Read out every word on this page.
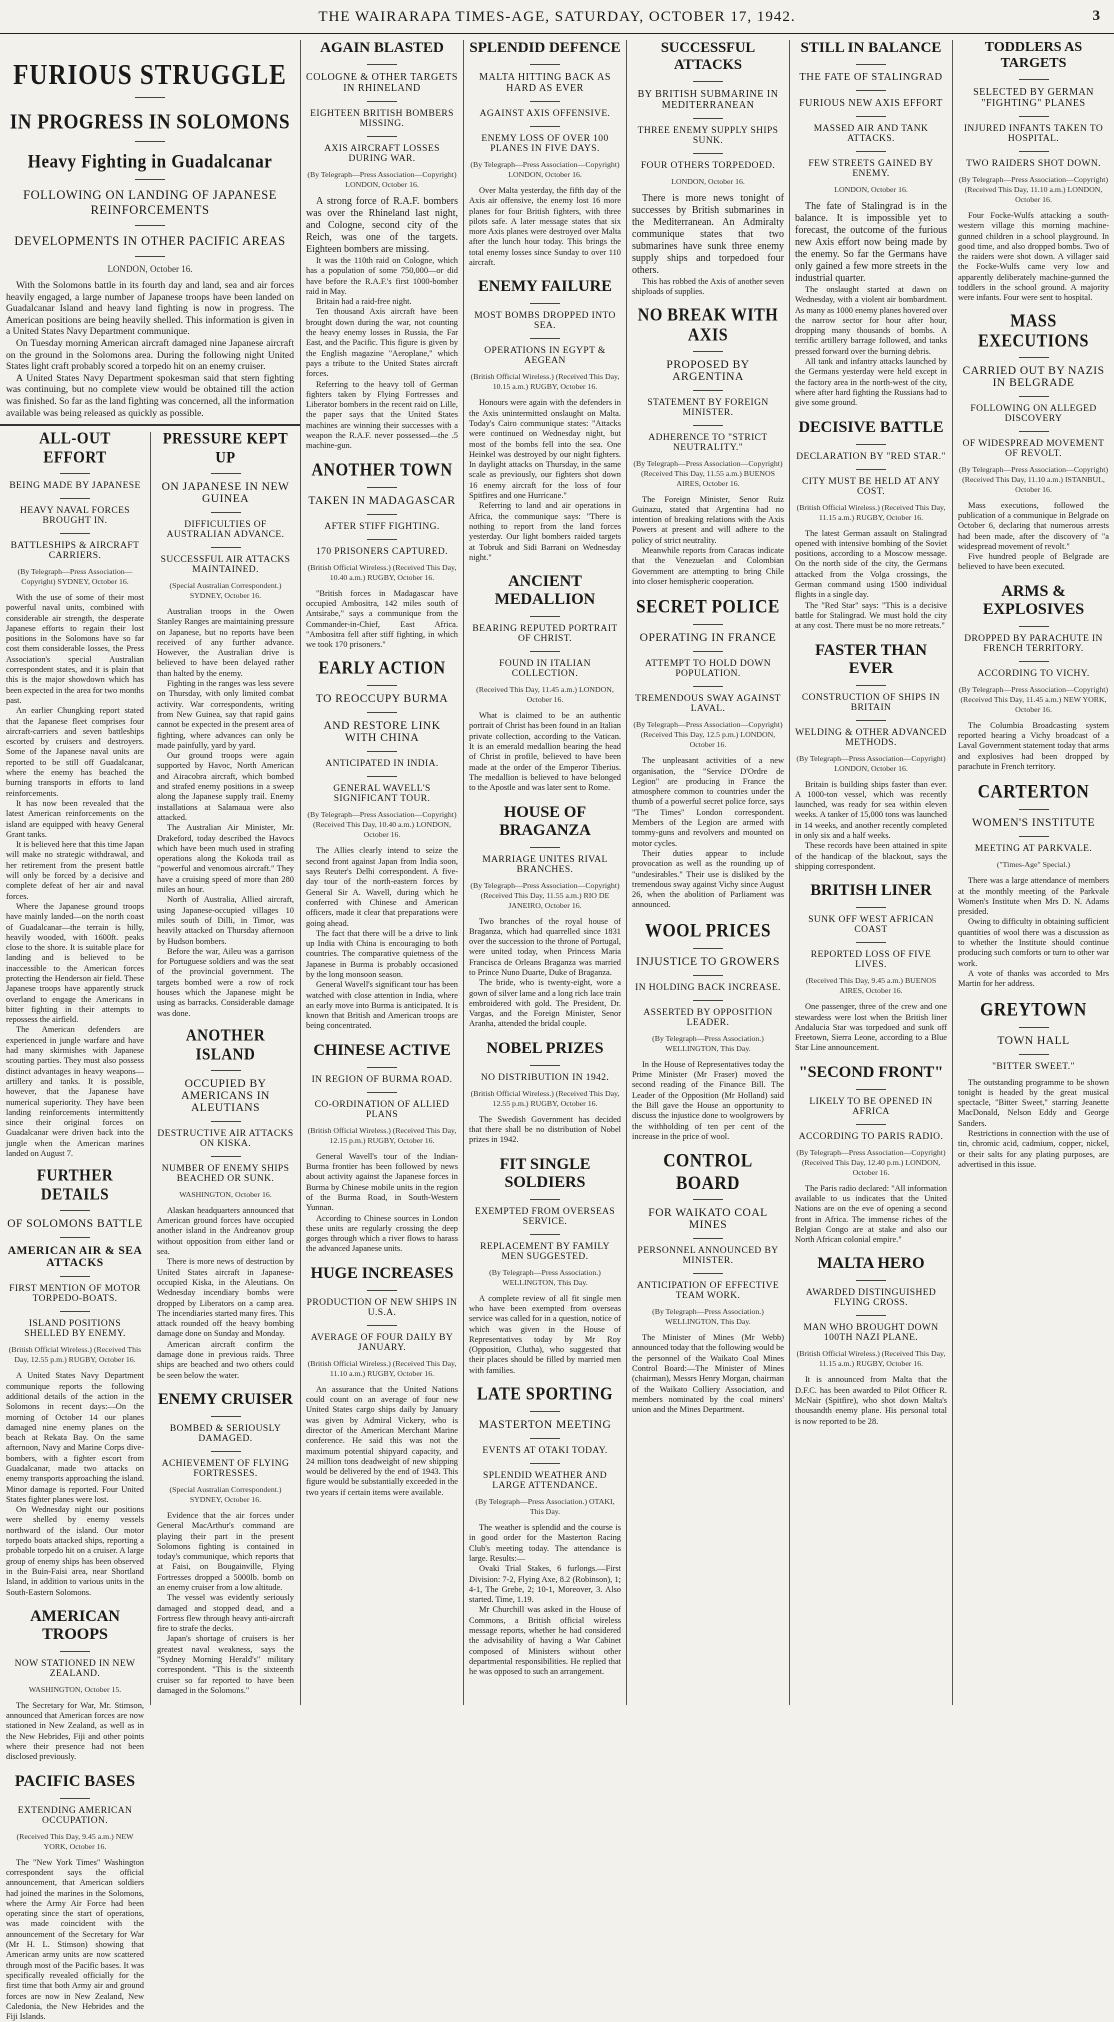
THE WAIRARAPA TIMES-AGE, SATURDAY, OCTOBER 17, 1942.	3
FURIOUS STRUGGLE
IN PROGRESS IN SOLOMONS
Heavy Fighting in Guadalcanar
FOLLOWING ON LANDING OF JAPANESE REINFORCEMENTS
DEVELOPMENTS IN OTHER PACIFIC AREAS
LONDON, October 16.

With the Solomons battle in its fourth day and land, sea and air forces heavily engaged, a large number of Japanese troops have been landed on Guadalcanar Island and heavy land fighting is now in progress. The American positions are being heavily shelled. This information is given in a United States Navy Department communique.

On Tuesday morning American aircraft damaged nine Japanese aircraft on the ground in the Solomons area. During the following night United States light craft probably scored a torpedo hit on an enemy cruiser.

A United States Navy Department spokesman said that stern fighting was continuing, but no complete view would be obtained till the action was finished. So far as the land fighting was concerned, all the information available was being released as quickly as possible.

ALL-OUT EFFORT
BEING MADE BY JAPANESE
HEAVY NAVAL FORCES BROUGHT IN.
BATTLESHIPS & AIRCRAFT CARRIERS.
(By Telegraph—Press Association—Copyright) SYDNEY, October 16.

With the use of some of their most powerful naval units, combined with considerable air strength, the desperate Japanese efforts to regain their lost positions in the Solomons have so far cost them considerable losses, the Press Association's special Australian correspondent states, and it is plain that this is the major showdown which has been expected in the area for two months past.

An earlier Chungking report stated that the Japanese fleet comprises four aircraft-carriers and seven battleships escorted by cruisers and destroyers. Some of the Japanese naval units are reported to be still off Guadalcanar, where the enemy has beached the burning transports in efforts to land reinforcements.

It has now been revealed that the latest American reinforcements on the island are equipped with heavy General Grant tanks.

It is believed here that this time Japan will make no strategic withdrawal, and her retirement from the present battle will only be forced by a decisive and complete defeat of her air and naval forces.

Where the Japanese ground troops have mainly landed—on the north coast of Guadalcanar—the terrain is hilly, heavily wooded, with 1600ft. peaks close to the shore. It is suitable place for landing and is believed to be inaccessible to the American forces protecting the Henderson air field. These Japanese troops have apparently struck overland to engage the Americans in bitter fighting in their attempts to repossess the airfield.

The American defenders are experienced in jungle warfare and have had many skirmishes with Japanese scouting parties. They must also possess distinct advantages in heavy weapons—artillery and tanks. It is possible, however, that the Japanese have numerical superiority. They have been landing reinforcements intermittently since their original forces on Guadalcanar were driven back into the jungle when the American marines landed on August 7.

FURTHER DETAILS
OF SOLOMONS BATTLE
AMERICAN AIR & SEA ATTACKS
FIRST MENTION OF MOTOR TORPEDO-BOATS.
ISLAND POSITIONS SHELLED BY ENEMY.
(British Official Wireless.) (Received This Day, 12.55 p.m.) RUGBY, October 16.

A United States Navy Department communique reports the following additional details of the action in the Solomons in recent days:—On the morning of October 14 our planes damaged nine enemy planes on the beach at Rekata Bay. On the same afternoon, Navy and Marine Corps dive-bombers, with a fighter escort from Guadalcanar, made two attacks on enemy transports approaching the island. Minor damage is reported. Four United States fighter planes were lost.

On Wednesday night our positions were shelled by enemy vessels northward of the island. Our motor torpedo boats attacked ships, reporting a probable torpedo hit on a cruiser. A large group of enemy ships has been observed in the Buin-Faisi area, near Shortland Island, in addition to various units in the South-Eastern Solomons.

AMERICAN TROOPS
NOW STATIONED IN NEW ZEALAND.
WASHINGTON, October 15.

The Secretary for War, Mr. Stimson, announced that American forces are now stationed in New Zealand, as well as in the New Hebrides, Fiji and other points where their presence had not been disclosed previously.

PACIFIC BASES
EXTENDING AMERICAN OCCUPATION.
(Received This Day, 9.45 a.m.) NEW YORK, October 16.

The "New York Times" Washington correspondent says the official announcement, that American soldiers had joined the marines in the Solomons, where the Army Air Force had been operating since the start of operations, was made coincident with the announcement of the Secretary for War (Mr H. L. Stimson) showing that American army units are now scattered through most of the Pacific bases. It was specifically revealed officially for the first time that both Army air and ground forces are now in New Zealand, New Caledonia, the New Hebrides and the Fiji Islands.

PRESSURE KEPT UP
ON JAPANESE IN NEW GUINEA
DIFFICULTIES OF AUSTRALIAN ADVANCE.
SUCCESSFUL AIR ATTACKS MAINTAINED.
(Special Australian Correspondent.) SYDNEY, October 16.

Australian troops in the Owen Stanley Ranges are maintaining pressure on Japanese, but no reports have been received of any further advance. However, the Australian drive is believed to have been delayed rather than halted by the enemy.

Fighting in the ranges was less severe on Thursday, with only limited combat activity. War correspondents, writing from New Guinea, say that rapid gains cannot be expected in the present area of fighting, where advances can only be made painfully, yard by yard.

Our ground troops were again supported by Havoc, North American and Airacobra aircraft, which bombed and strafed enemy positions in a sweep along the Japanese supply trail. Enemy installations at Salamaua were also attacked.

The Australian Air Minister, Mr. Drakeford, today described the Havocs which have been much used in strafing operations along the Kokoda trail as "powerful and venomous aircraft." They have a cruising speed of more than 280 miles an hour.

North of Australia, Allied aircraft, using Japanese-occupied villages 10 miles south of Dilli, in Timor, was heavily attacked on Thursday afternoon by Hudson bombers.

Before the war, Aileu was a garrison for Portuguese soldiers and was the seat of the provincial government. The targets bombed were a row of rock houses which the Japanese might be using as barracks. Considerable damage was done.

ANOTHER ISLAND
OCCUPIED BY AMERICANS IN ALEUTIANS
DESTRUCTIVE AIR ATTACKS ON KISKA.
NUMBER OF ENEMY SHIPS BEACHED OR SUNK.
WASHINGTON, October 16.

Alaskan headquarters announced that American ground forces have occupied another island in the Andreanov group without opposition from either land or sea.

There is more news of destruction by United States aircraft in Japanese-occupied Kiska, in the Aleutians. On Wednesday incendiary bombs were dropped by Liberators on a camp area. The incendiaries started many fires. This attack rounded off the heavy bombing damage done on Sunday and Monday.

American aircraft confirm the damage done in previous raids. Three ships are beached and two others could be seen below the water.

ENEMY CRUISER
BOMBED & SERIOUSLY DAMAGED.
ACHIEVEMENT OF FLYING FORTRESSES.
(Special Australian Correspondent.) SYDNEY, October 16.

Evidence that the air forces under General MacArthur's command are playing their part in the present Solomons fighting is contained in today's communique, which reports that at Faisi, on Bougainville, Flying Fortresses dropped a 5000lb. bomb on an enemy cruiser from a low altitude.

The vessel was evidently seriously damaged and stopped dead, and a Fortress flew through heavy anti-aircraft fire to strafe the decks.

Japan's shortage of cruisers is her greatest naval weakness, says the "Sydney Morning Herald's" military correspondent. "This is the sixteenth cruiser so far reported to have been damaged in the Solomons."

AGAIN BLASTED
COLOGNE & OTHER TARGETS IN RHINELAND
EIGHTEEN BRITISH BOMBERS MISSING.
AXIS AIRCRAFT LOSSES DURING WAR.
(By Telegraph—Press Association—Copyright) LONDON, October 16.

A strong force of R.A.F. bombers was over the Rhineland last night, and Cologne, second city of the Reich, was one of the targets. Eighteen bombers are missing.

It was the 110th raid on Cologne, which has a population of some 750,000—or did have before the R.A.F.'s first 1000-bomber raid in May.

Britain had a raid-free night.

Ten thousand Axis aircraft have been brought down during the war, not counting the heavy enemy losses in Russia, the Far East, and the Pacific. This figure is given by the English magazine "Aeroplane," which pays a tribute to the United States aircraft forces.

Referring to the heavy toll of German fighters taken by Flying Fortresses and Liberator bombers in the recent raid on Lille, the paper says that the United States machines are winning their successes with a weapon the R.A.F. never possessed—the .5 machine-gun.

ANOTHER TOWN
TAKEN IN MADAGASCAR
AFTER STIFF FIGHTING.
170 PRISONERS CAPTURED.
(British Official Wireless.) (Received This Day, 10.40 a.m.) RUGBY, October 16.

"British forces in Madagascar have occupied Ambositra, 142 miles south of Antsirabe," says a communique from the Commander-in-Chief, East Africa. "Ambositra fell after stiff fighting, in which we took 170 prisoners."

EARLY ACTION
TO REOCCUPY BURMA
AND RESTORE LINK WITH CHINA
ANTICIPATED IN INDIA.
GENERAL WAVELL'S SIGNIFICANT TOUR.
(By Telegraph—Press Association—Copyright) (Received This Day, 10.40 a.m.) LONDON, October 16.

The Allies clearly intend to seize the second front against Japan from India soon, says Reuter's Delhi correspondent. A five-day tour of the north-eastern forces by General Sir A. Wavell, during which he conferred with Chinese and American officers, made it clear that preparations were going ahead.

The fact that there will be a drive to link up India with China is encouraging to both countries. The comparative quietness of the Japanese in Burma is probably occasioned by the long monsoon season.

General Wavell's significant tour has been watched with close attention in India, where an early move into Burma is anticipated. It is known that British and American troops are being concentrated.

CHINESE ACTIVE
IN REGION OF BURMA ROAD.
CO-ORDINATION OF ALLIED PLANS
(British Official Wireless.) (Received This Day, 12.15 p.m.) RUGBY, October 16.

General Wavell's tour of the Indian-Burma frontier has been followed by news about activity against the Japanese forces in Burma by Chinese mobile units in the region of the Burma Road, in South-Western Yunnan.

According to Chinese sources in London these units are regularly crossing the deep gorges through which a river flows to harass the advanced Japanese units.

HUGE INCREASES
PRODUCTION OF NEW SHIPS IN U.S.A.
AVERAGE OF FOUR DAILY BY JANUARY.
(British Official Wireless.) (Received This Day, 11.10 a.m.) RUGBY, October 16.

An assurance that the United Nations could count on an average of four new United States cargo ships daily by January was given by Admiral Vickery, who is director of the American Merchant Marine conference. He said this was not the maximum potential shipyard capacity, and 24 million tons deadweight of new shipping would be delivered by the end of 1943. This figure would be substantially exceeded in the two years if certain items were available.

SPLENDID DEFENCE
MALTA HITTING BACK AS HARD AS EVER
AGAINST AXIS OFFENSIVE.
ENEMY LOSS OF OVER 100 PLANES IN FIVE DAYS.
(By Telegraph—Press Association—Copyright) LONDON, October 16.

Over Malta yesterday, the fifth day of the Axis air offensive, the enemy lost 16 more planes for four British fighters, with three pilots safe. A later message states that six more Axis planes were destroyed over Malta after the lunch hour today. This brings the total enemy losses since Sunday to over 110 aircraft.

ENEMY FAILURE
MOST BOMBS DROPPED INTO SEA.
OPERATIONS IN EGYPT & AEGEAN
(British Official Wireless.) (Received This Day, 10.15 a.m.) RUGBY, October 16.

Honours were again with the defenders in the Axis unintermitted onslaught on Malta. Today's Cairo communique states: "Attacks were continued on Wednesday night, but most of the bombs fell into the sea. One Heinkel was destroyed by our night fighters. In daylight attacks on Thursday, in the same scale as previously, our fighters shot down 16 enemy aircraft for the loss of four Spitfires and one Hurricane."

Referring to land and air operations in Africa, the communique says: "There is nothing to report from the land forces yesterday. Our light bombers raided targets at Tobruk and Sidi Barrani on Wednesday night."

ANCIENT MEDALLION
BEARING REPUTED PORTRAIT OF CHRIST.
FOUND IN ITALIAN COLLECTION.
(Received This Day, 11.45 a.m.) LONDON, October 16.

What is claimed to be an authentic portrait of Christ has been found in an Italian private collection, according to the Vatican. It is an emerald medallion bearing the head of Christ in profile, believed to have been made at the order of the Emperor Tiberius. The medallion is believed to have belonged to the Apostle and was later sent to Rome.

HOUSE OF BRAGANZA
MARRIAGE UNITES RIVAL BRANCHES.
(By Telegraph—Press Association—Copyright) (Received This Day, 11.55 a.m.) RIO DE JANEIRO, October 16.

Two branches of the royal house of Braganza, which had quarrelled since 1831 over the succession to the throne of Portugal, were united today, when Princess Maria Francisca de Orleans Braganza was married to Prince Nuno Duarte, Duke of Braganza.

The bride, who is twenty-eight, wore a gown of silver lame and a long rich lace train embroidered with gold. The President, Dr. Vargas, and the Foreign Minister, Senor Aranha, attended the bridal couple.

NOBEL PRIZES
NO DISTRIBUTION IN 1942.
(British Official Wireless.) (Received This Day, 12.55 p.m.) RUGBY, October 16.

The Swedish Government has decided that there shall be no distribution of Nobel prizes in 1942.

FIT SINGLE SOLDIERS
EXEMPTED FROM OVERSEAS SERVICE.
REPLACEMENT BY FAMILY MEN SUGGESTED.
(By Telegraph—Press Association.) WELLINGTON, This Day.

A complete review of all fit single men who have been exempted from overseas service was called for in a question, notice of which was given in the House of Representatives today by Mr Roy (Opposition, Clutha), who suggested that their places should be filled by married men with families.

LATE SPORTING
MASTERTON MEETING
EVENTS AT OTAKI TODAY.
SPLENDID WEATHER AND LARGE ATTENDANCE.
(By Telegraph—Press Association.) OTAKI, This Day.

The weather is splendid and the course is in good order for the Masterton Racing Club's meeting today. The attendance is large. Results:—

Ovaki Trial Stakes, 6 furlongs.—First Division: 7-2, Flying Axe, 8.2 (Robinson), 1; 4-1, The Grebe, 2; 10-1, Moreover, 3. Also started. Time, 1.19.

Mr Churchill was asked in the House of Commons, a British official wireless message reports, whether he had considered the advisability of having a War Cabinet composed of Ministers without other departmental responsibilities. He replied that he was opposed to such an arrangement.

SUCCESSFUL ATTACKS
BY BRITISH SUBMARINE IN MEDITERRANEAN
THREE ENEMY SUPPLY SHIPS SUNK.
FOUR OTHERS TORPEDOED.
LONDON, October 16.

There is more news tonight of successes by British submarines in the Mediterranean. An Admiralty communique states that two submarines have sunk three enemy supply ships and torpedoed four others.

This has robbed the Axis of another seven shiploads of supplies.

NO BREAK WITH AXIS
PROPOSED BY ARGENTINA
STATEMENT BY FOREIGN MINISTER.
ADHERENCE TO "STRICT NEUTRALITY."
(By Telegraph—Press Association—Copyright) (Received This Day, 11.55 a.m.) BUENOS AIRES, October 16.

The Foreign Minister, Senor Ruiz Guinazu, stated that Argentina had no intention of breaking relations with the Axis Powers at present and will adhere to the policy of strict neutrality.

Meanwhile reports from Caracas indicate that the Venezuelan and Colombian Government are attempting to bring Chile into closer hemispheric cooperation.

SECRET POLICE
OPERATING IN FRANCE
ATTEMPT TO HOLD DOWN POPULATION.
TREMENDOUS SWAY AGAINST LAVAL.
(By Telegraph—Press Association—Copyright) (Received This Day, 12.5 p.m.) LONDON, October 16.

The unpleasant activities of a new organisation, the "Service D'Ordre de Legion" are producing in France the atmosphere common to countries under the thumb of a powerful secret police force, says "The Times" London correspondent. Members of the Legion are armed with tommy-guns and revolvers and mounted on motor cycles.

Their duties appear to include provocation as well as the rounding up of "undesirables." Their use is disliked by the tremendous sway against Vichy since August 26, when the abolition of Parliament was announced.

WOOL PRICES
INJUSTICE TO GROWERS
IN HOLDING BACK INCREASE.
ASSERTED BY OPPOSITION LEADER.
(By Telegraph—Press Association.) WELLINGTON, This Day.

In the House of Representatives today the Prime Minister (Mr Fraser) moved the second reading of the Finance Bill. The Leader of the Opposition (Mr Holland) said the Bill gave the House an opportunity to discuss the injustice done to woolgrowers by the withholding of ten per cent of the increase in the price of wool.

CONTROL BOARD
FOR WAIKATO COAL MINES
PERSONNEL ANNOUNCED BY MINISTER.
ANTICIPATION OF EFFECTIVE TEAM WORK.
(By Telegraph—Press Association.) WELLINGTON, This Day.

The Minister of Mines (Mr Webb) announced today that the following would be the personnel of the Waikato Coal Mines Control Board:—The Minister of Mines (chairman), Messrs Henry Morgan, chairman of the Waikato Colliery Association, and members nominated by the coal miners' union and the Mines Department.

STILL IN BALANCE
THE FATE OF STALINGRAD
FURIOUS NEW AXIS EFFORT
MASSED AIR AND TANK ATTACKS.
FEW STREETS GAINED BY ENEMY.
LONDON, October 16.

The fate of Stalingrad is in the balance. It is impossible yet to forecast, the outcome of the furious new Axis effort now being made by the enemy. So far the Germans have only gained a few more streets in the industrial quarter.

The onslaught started at dawn on Wednesday, with a violent air bombardment. As many as 1000 enemy planes hovered over the narrow sector for hour after hour, dropping many thousands of bombs. A terrific artillery barrage followed, and tanks pressed forward over the burning debris.

All tank and infantry attacks launched by the Germans yesterday were held except in the factory area in the north-west of the city, where after hard fighting the Russians had to give some ground.

DECISIVE BATTLE
DECLARATION BY "RED STAR."
CITY MUST BE HELD AT ANY COST.
(British Official Wireless.) (Received This Day, 11.15 a.m.) RUGBY, October 16.

The latest German assault on Stalingrad opened with intensive bombing of the Soviet positions, according to a Moscow message. On the north side of the city, the Germans attacked from the Volga crossings, the German command using 1500 individual flights in a single day.

The "Red Star" says: "This is a decisive battle for Stalingrad. We must hold the city at any cost. There must be no more retreats."

FASTER THAN EVER
CONSTRUCTION OF SHIPS IN BRITAIN
WELDING & OTHER ADVANCED METHODS.
(By Telegraph—Press Association—Copyright) LONDON, October 16.

Britain is building ships faster than ever. A 1000-ton vessel, which was recently launched, was ready for sea within eleven weeks. A tanker of 15,000 tons was launched in 14 weeks, and another recently completed in only six and a half weeks.

These records have been attained in spite of the handicap of the blackout, says the shipping correspondent.

BRITISH LINER
SUNK OFF WEST AFRICAN COAST
REPORTED LOSS OF FIVE LIVES.
(Received This Day, 9.45 a.m.) BUENOS AIRES, October 16.

One passenger, three of the crew and one stewardess were lost when the British liner Andalucia Star was torpedoed and sunk off Freetown, Sierra Leone, according to a Blue Star Line announcement.

"SECOND FRONT"
LIKELY TO BE OPENED IN AFRICA
ACCORDING TO PARIS RADIO.
(By Telegraph—Press Association—Copyright) (Received This Day, 12.40 p.m.) LONDON, October 16.

The Paris radio declared: "All information available to us indicates that the United Nations are on the eve of opening a second front in Africa. The immense riches of the Belgian Congo are at stake and also our North African colonial empire."

MALTA HERO
AWARDED DISTINGUISHED FLYING CROSS.
MAN WHO BROUGHT DOWN 100TH NAZI PLANE.
(British Official Wireless.) (Received This Day, 11.15 a.m.) RUGBY, October 16.

It is announced from Malta that the D.F.C. has been awarded to Pilot Officer R. McNair (Spitfire), who shot down Malta's thousandth enemy plane. His personal total is now reported to be 28.

TODDLERS AS TARGETS
SELECTED BY GERMAN "FIGHTING" PLANES
INJURED INFANTS TAKEN TO HOSPITAL.
TWO RAIDERS SHOT DOWN.
(By Telegraph—Press Association—Copyright) (Received This Day, 11.10 a.m.) LONDON, October 16.

Four Focke-Wulfs attacking a south-western village this morning machine-gunned children in a school playground. In good time, and also dropped bombs. Two of the raiders were shot down. A villager said the Focke-Wulfs came very low and apparently deliberately machine-gunned the toddlers in the school ground. A majority were infants. Four were sent to hospital.

MASS EXECUTIONS
CARRIED OUT BY NAZIS IN BELGRADE
FOLLOWING ON ALLEGED DISCOVERY
OF WIDESPREAD MOVEMENT OF REVOLT.
(By Telegraph—Press Association—Copyright) (Received This Day, 11.10 a.m.) ISTANBUL, October 16.

Mass executions, followed the publication of a communique in Belgrade on October 6, declaring that numerous arrests had been made, after the discovery of "a widespread movement of revolt."

Five hundred people of Belgrade are believed to have been executed.

ARMS & EXPLOSIVES
DROPPED BY PARACHUTE IN FRENCH TERRITORY.
ACCORDING TO VICHY.
(By Telegraph—Press Association—Copyright) (Received This Day, 11.45 a.m.) NEW YORK, October 16.

The Columbia Broadcasting system reported hearing a Vichy broadcast of a Laval Government statement today that arms and explosives had been dropped by parachute in French territory.

CARTERTON
WOMEN'S INSTITUTE
MEETING AT PARKVALE.
("Times-Age" Special.)

There was a large attendance of members at the monthly meeting of the Parkvale Women's Institute when Mrs D. N. Adams presided.

Owing to difficulty in obtaining sufficient quantities of wool there was a discussion as to whether the Institute should continue producing such comforts or turn to other war work.

A vote of thanks was accorded to Mrs Martin for her address.

GREYTOWN
TOWN HALL
"BITTER SWEET."

The outstanding programme to be shown tonight is headed by the great musical spectacle, "Bitter Sweet," starring Jeanette MacDonald, Nelson Eddy and George Sanders.

Restrictions in connection with the use of tin, chromic acid, cadmium, copper, nickel, or their salts for any plating purposes, are advertised in this issue.
